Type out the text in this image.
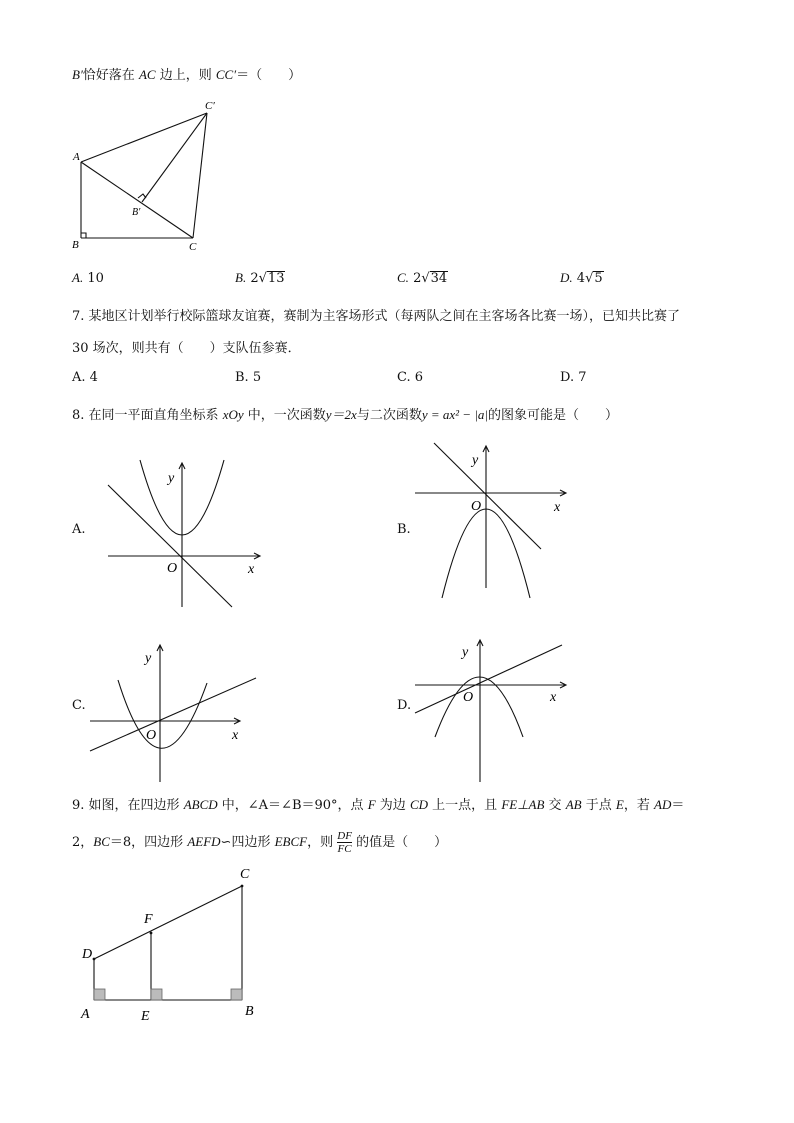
B′恰好落在 AC 边上，则 CC′＝（　　）
A
B	C
C′
B′
A. 10	B. 2√13	C. 2√34	D. 4√5
7. 某地区计划举行校际篮球友谊赛，赛制为主客场形式（每两队之间在主客场各比赛一场），已知共比赛了
30 场次，则共有（　　）支队伍参赛．
A. 4	B. 5	C. 6	D. 7
8. 在同一平面直角坐标系 xOy 中，一次函数y＝2x与二次函数y = ax² − |a|的图象可能是（　　）
A.
y
x
O
B.
y
x
O
C.
y
x
O
D.
y
x
O
9. 如图，在四边形 ABCD 中，∠A＝∠B＝90°，点 F 为边 CD 上一点，且 FE⊥AB 交 AB 于点 E，若 AD＝
2，BC＝8，四边形 AEFD∽四边形 EBCF，则 $\frac{DF}{FC}$ 的值是（　　）
D
F
C
A	E	B
